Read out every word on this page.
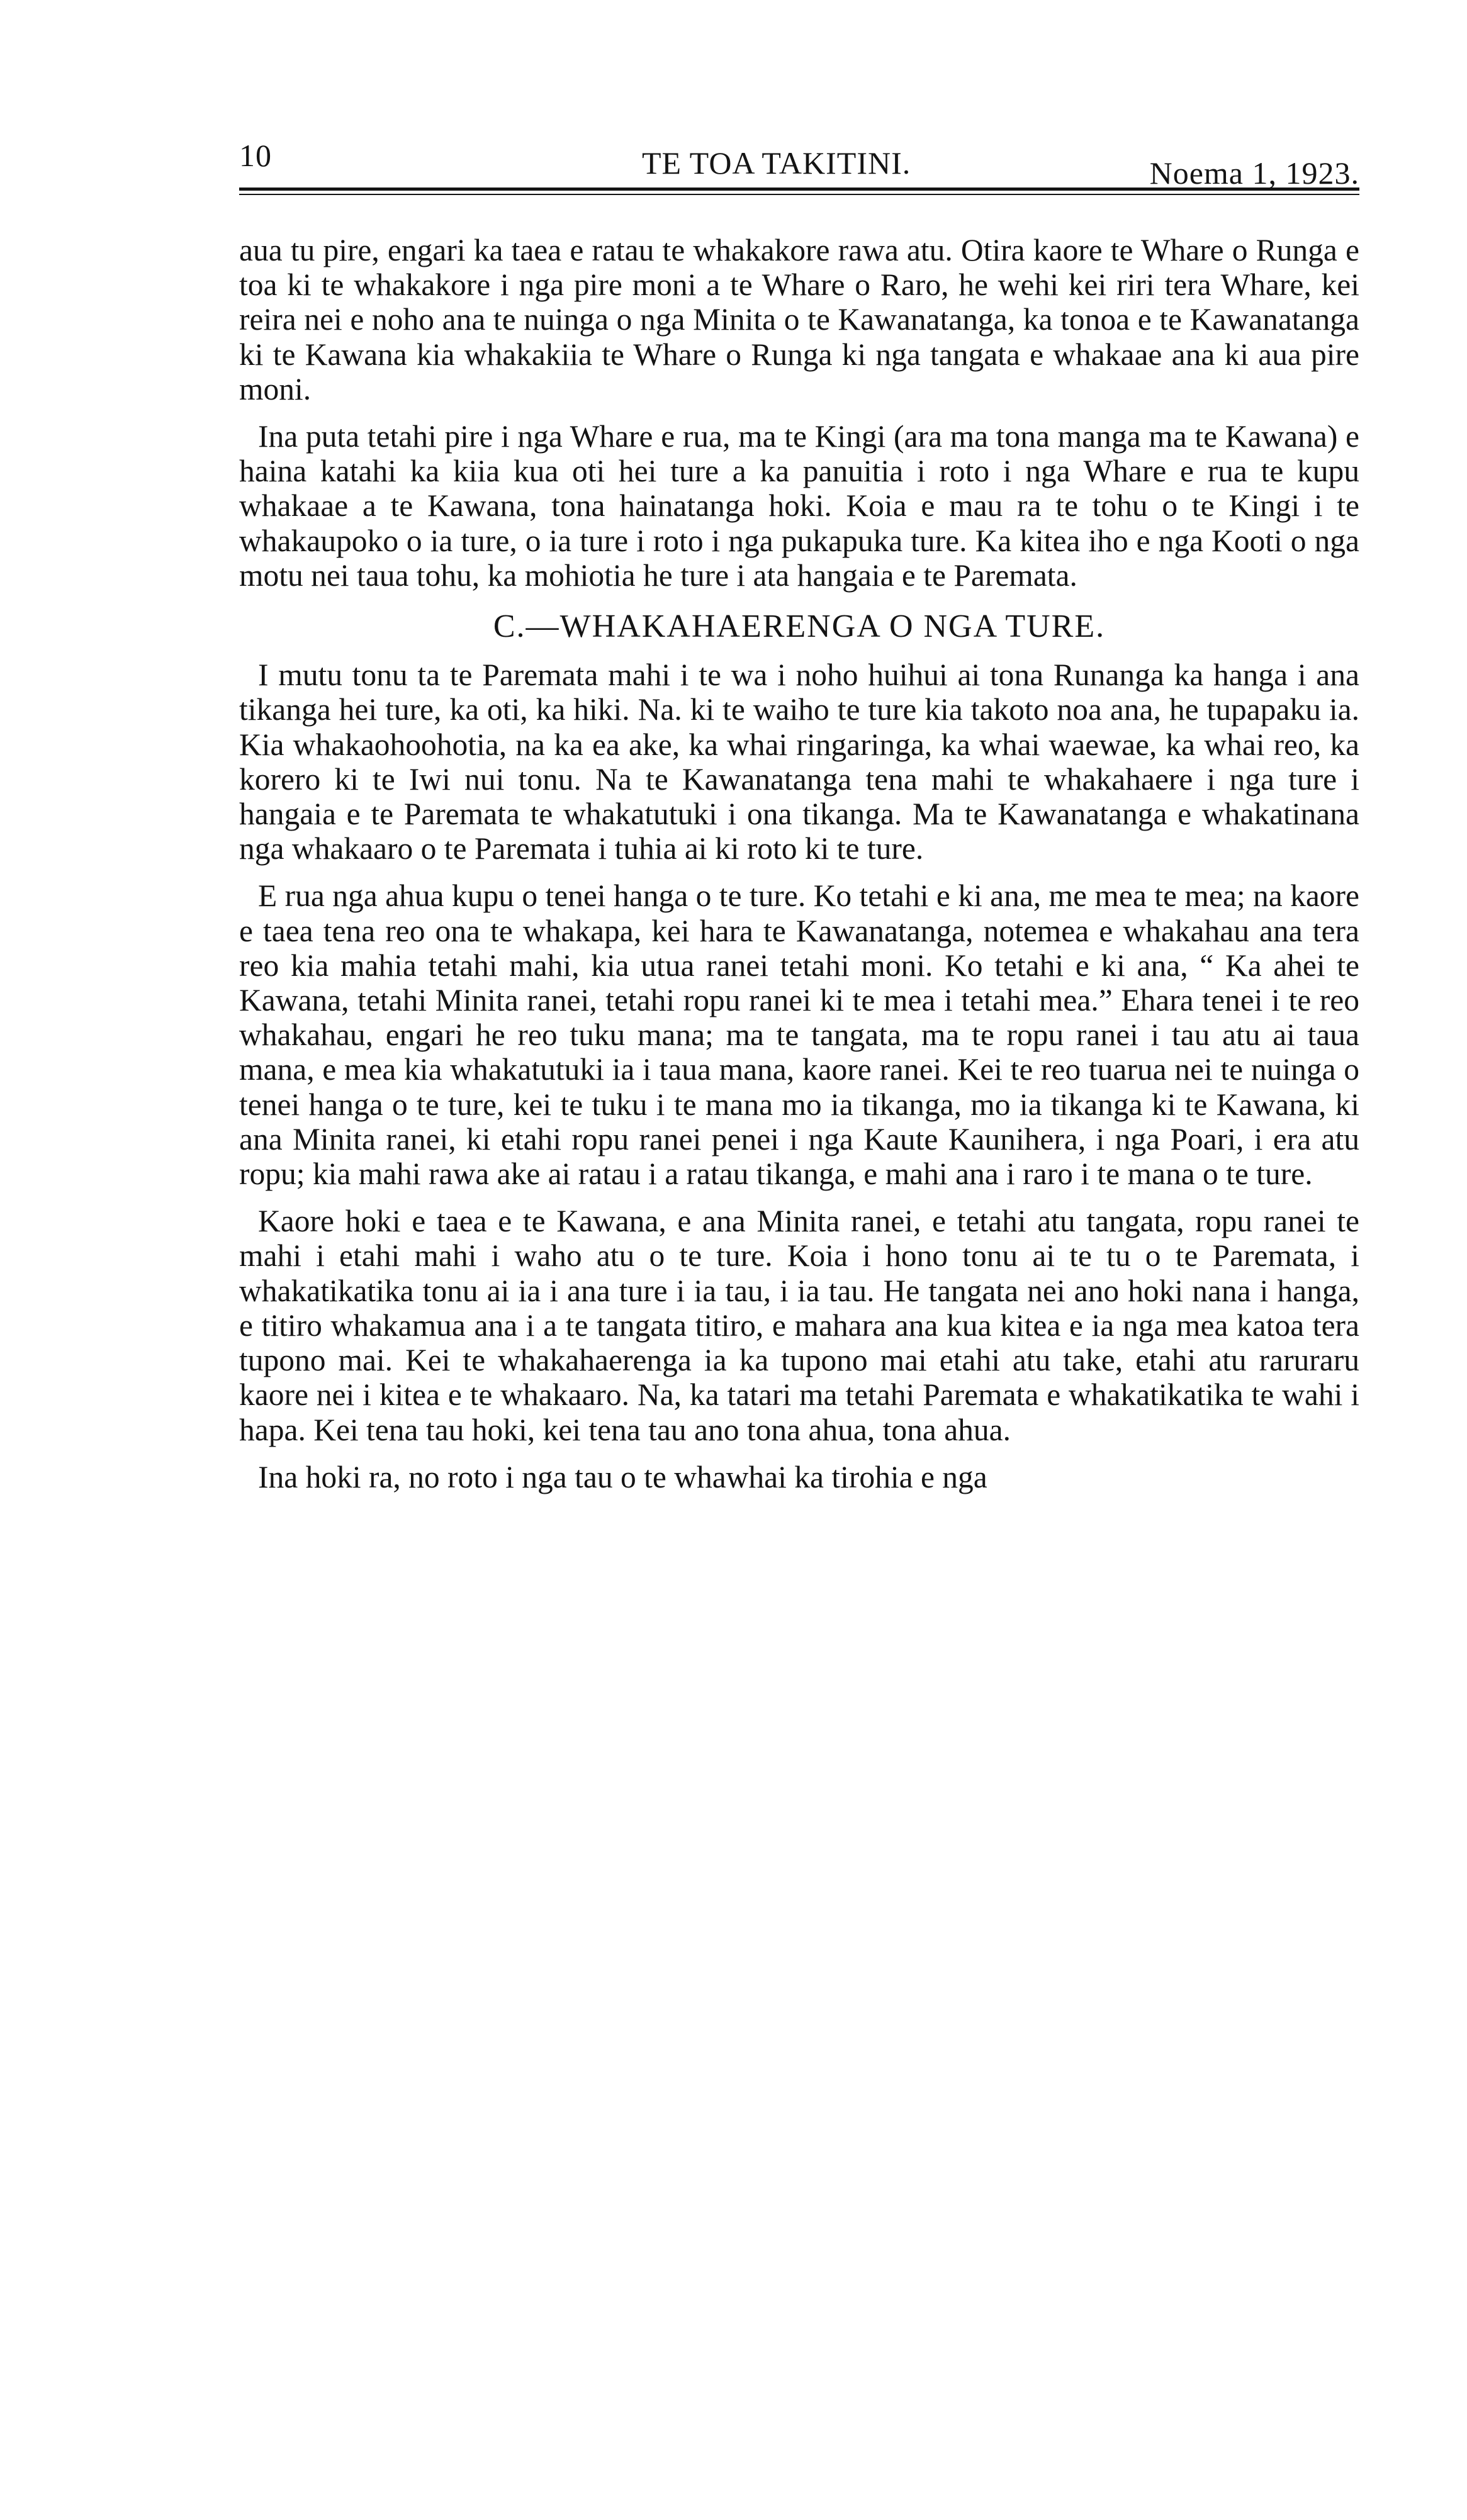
10	TE TOA TAKITINI.	Noema 1, 1923.

aua tu pire, engari ka taea e ratau te whakakore rawa atu. Otira kaore te Whare o Runga e toa ki te whakakore i nga pire moni a te Whare o Raro, he wehi kei riri tera Whare, kei reira nei e noho ana te nuinga o nga Minita o te Kawanatanga, ka tonoa e te Kawanatanga ki te Kawana kia whakakiia te Whare o Runga ki nga tangata e whakaae ana ki aua pire moni.

Ina puta tetahi pire i nga Whare e rua, ma te Kingi (ara ma tona manga ma te Kawana) e haina katahi ka kiia kua oti hei ture a ka panuitia i roto i nga Whare e rua te kupu whakaae a te Kawana, tona hainatanga hoki. Koia e mau ra te tohu o te Kingi i te whakaupoko o ia ture, o ia ture i roto i nga pukapuka ture. Ka kitea iho e nga Kooti o nga motu nei taua tohu, ka mohiotia he ture i ata hangaia e te Paremata.

C.—WHAKAHAERENGA O NGA TURE.

I mutu tonu ta te Paremata mahi i te wa i noho huihui ai tona Runanga ka hanga i ana tikanga hei ture, ka oti, ka hiki. Na. ki te waiho te ture kia takoto noa ana, he tupapaku ia. Kia whakaohoohotia, na ka ea ake, ka whai ringaringa, ka whai waewae, ka whai reo, ka korero ki te Iwi nui tonu. Na te Kawanatanga tena mahi te whakahaere i nga ture i hangaia e te Paremata te whakatutuki i ona tikanga. Ma te Kawanatanga e whakatinana nga whakaaro o te Paremata i tuhia ai ki roto ki te ture.

E rua nga ahua kupu o tenei hanga o te ture. Ko tetahi e ki ana, me mea te mea; na kaore e taea tena reo ona te whakapa, kei hara te Kawanatanga, notemea e whakahau ana tera reo kia mahia tetahi mahi, kia utua ranei tetahi moni. Ko tetahi e ki ana, “ Ka ahei te Kawana, tetahi Minita ranei, tetahi ropu ranei ki te mea i tetahi mea.” Ehara tenei i te reo whakahau, engari he reo tuku mana; ma te tangata, ma te ropu ranei i tau atu ai taua mana, e mea kia whakatutuki ia i taua mana, kaore ranei. Kei te reo tuarua nei te nuinga o tenei hanga o te ture, kei te tuku i te mana mo ia tikanga, mo ia tikanga ki te Kawana, ki ana Minita ranei, ki etahi ropu ranei penei i nga Kaute Kaunihera, i nga Poari, i era atu ropu; kia mahi rawa ake ai ratau i a ratau tikanga, e mahi ana i raro i te mana o te ture.

Kaore hoki e taea e te Kawana, e ana Minita ranei, e tetahi atu tangata, ropu ranei te mahi i etahi mahi i waho atu o te ture. Koia i hono tonu ai te tu o te Paremata, i whakatikatika tonu ai ia i ana ture i ia tau, i ia tau. He tangata nei ano hoki nana i hanga, e titiro whakamua ana i a te tangata titiro, e mahara ana kua kitea e ia nga mea katoa tera tupono mai. Kei te whakahaerenga ia ka tupono mai etahi atu take, etahi atu raruraru kaore nei i kitea e te whakaaro. Na, ka tatari ma tetahi Paremata e whakatikatika te wahi i hapa. Kei tena tau hoki, kei tena tau ano tona ahua, tona ahua.

Ina hoki ra, no roto i nga tau o te whawhai ka tirohia e nga
